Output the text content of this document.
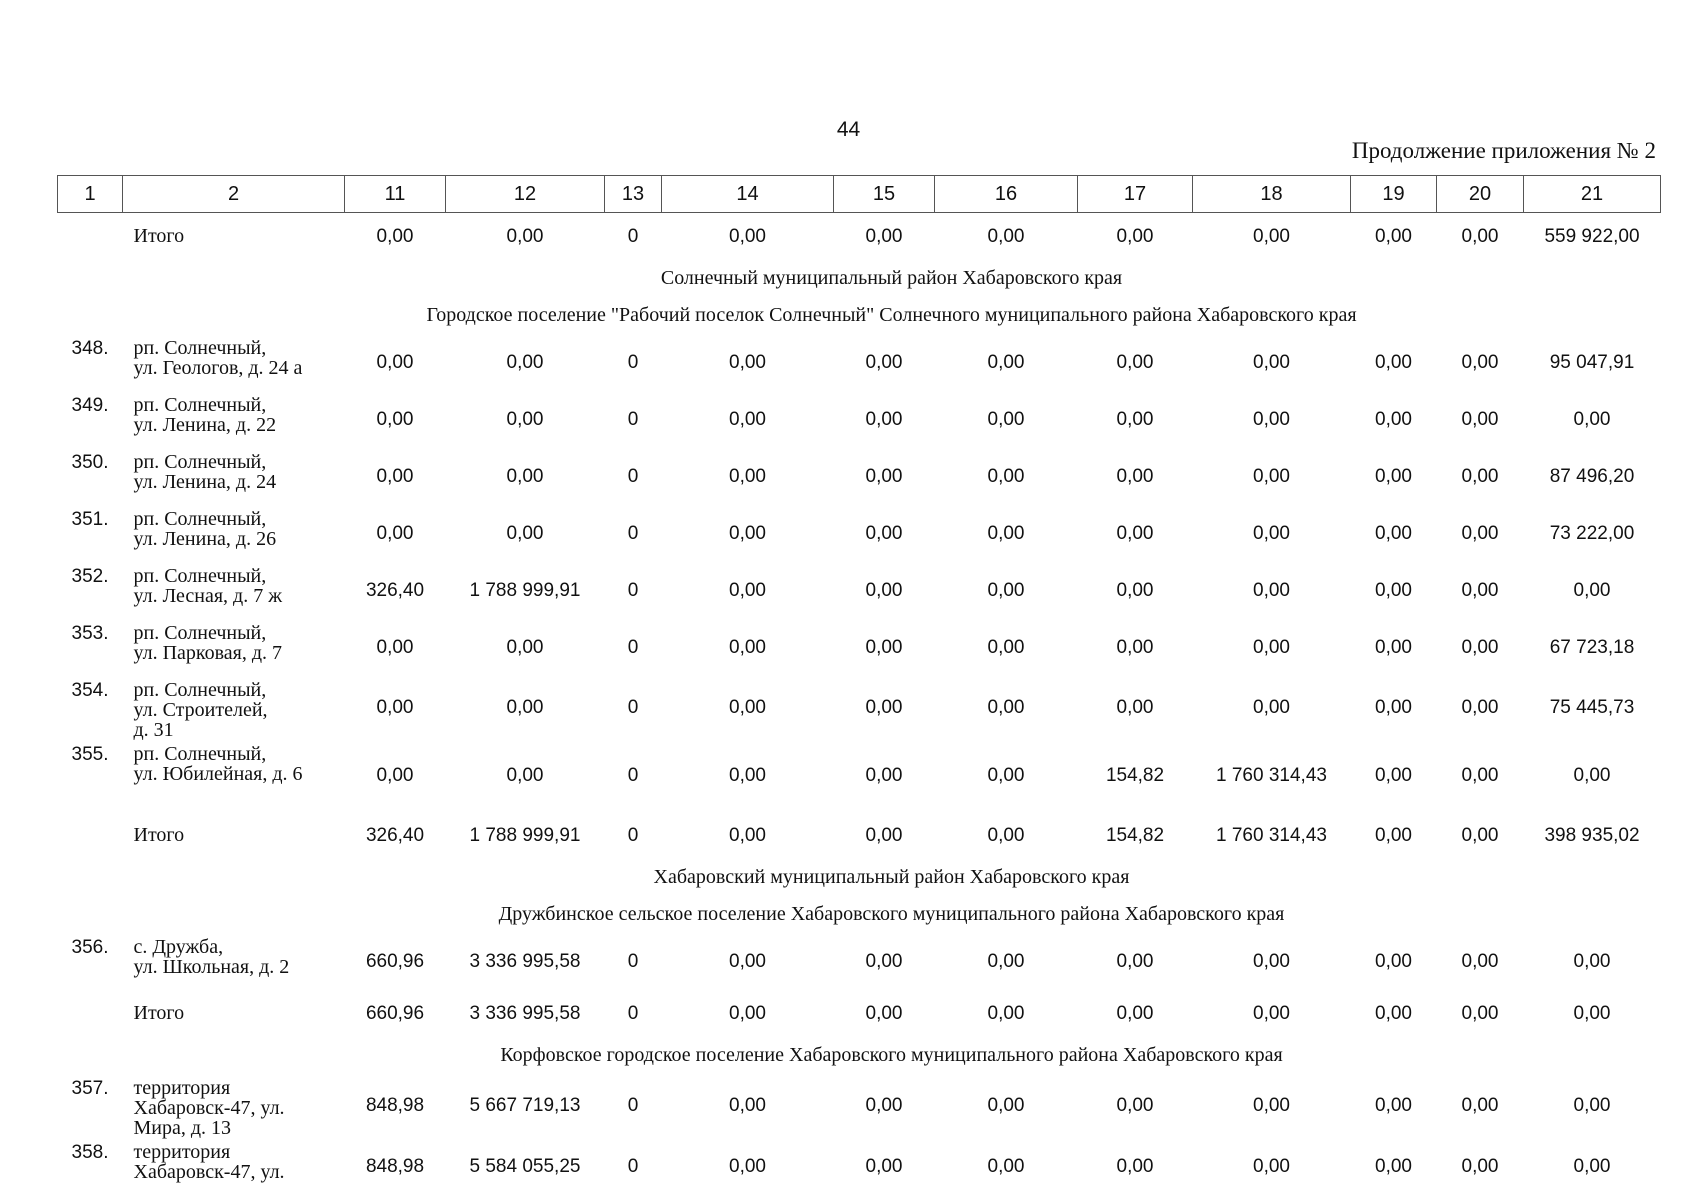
44
Продолжение приложения № 2
1	2	11	12	13	14	15	16	17	18	19	20	21
	Итого	0,00	0,00	0	0,00	0,00	0,00	0,00	0,00	0,00	0,00	559 922,00
	Солнечный муниципальный район Хабаровского края											
	Городское поселение "Рабочий поселок Солнечный" Солнечного муниципального района Хабаровского края											
348.	рп. Солнечный,
ул. Геологов, д. 24 а	0,00	0,00	0	0,00	0,00	0,00	0,00	0,00	0,00	0,00	95 047,91
349.	рп. Солнечный,
ул. Ленина, д. 22	0,00	0,00	0	0,00	0,00	0,00	0,00	0,00	0,00	0,00	0,00
350.	рп. Солнечный,
ул. Ленина, д. 24	0,00	0,00	0	0,00	0,00	0,00	0,00	0,00	0,00	0,00	87 496,20
351.	рп. Солнечный,
ул. Ленина, д. 26	0,00	0,00	0	0,00	0,00	0,00	0,00	0,00	0,00	0,00	73 222,00
352.	рп. Солнечный,
ул. Лесная, д. 7 ж	326,40	1 788 999,91	0	0,00	0,00	0,00	0,00	0,00	0,00	0,00	0,00
353.	рп. Солнечный,
ул. Парковая, д. 7	0,00	0,00	0	0,00	0,00	0,00	0,00	0,00	0,00	0,00	67 723,18
354.	рп. Солнечный,
ул. Строителей,
д. 31	0,00	0,00	0	0,00	0,00	0,00	0,00	0,00	0,00	0,00	75 445,73
355.	рп. Солнечный,
ул. Юбилейная, д. 6	0,00	0,00	0	0,00	0,00	0,00	154,82	1 760 314,43	0,00	0,00	0,00
	Итого	326,40	1 788 999,91	0	0,00	0,00	0,00	154,82	1 760 314,43	0,00	0,00	398 935,02
	Хабаровский муниципальный район Хабаровского края											
	Дружбинское сельское поселение Хабаровского муниципального района Хабаровского края											
356.	с. Дружба,
ул. Школьная, д. 2	660,96	3 336 995,58	0	0,00	0,00	0,00	0,00	0,00	0,00	0,00	0,00
	Итого	660,96	3 336 995,58	0	0,00	0,00	0,00	0,00	0,00	0,00	0,00	0,00
	Корфовское городское поселение Хабаровского муниципального района Хабаровского края											
357.	территория
Хабаровск-47, ул.
Мира, д. 13	848,98	5 667 719,13	0	0,00	0,00	0,00	0,00	0,00	0,00	0,00	0,00
358.	территория
Хабаровск-47, ул.	848,98	5 584 055,25	0	0,00	0,00	0,00	0,00	0,00	0,00	0,00	0,00
